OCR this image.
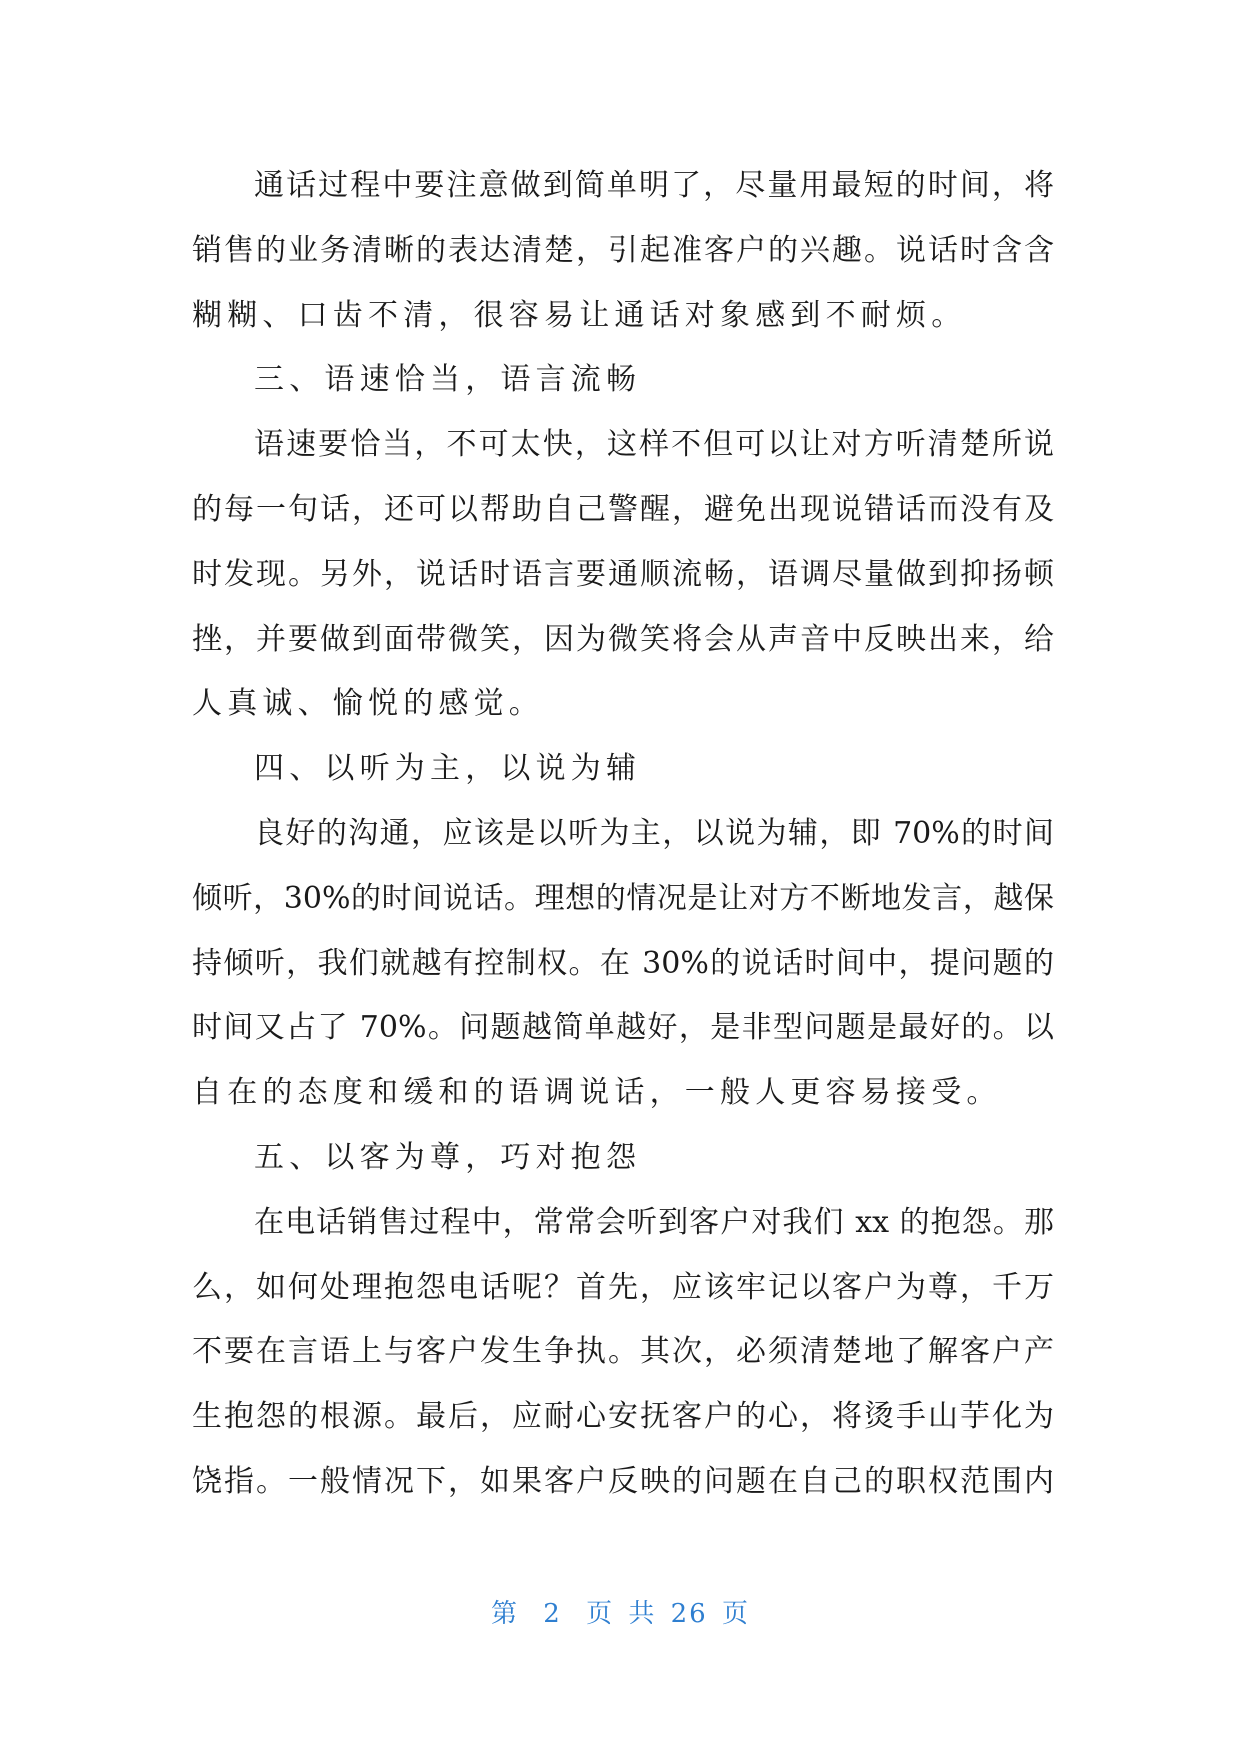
通话过程中要注意做到简单明了，尽量用最短的时间，将
销售的业务清晰的表达清楚，引起准客户的兴趣。说话时含含
糊糊、口齿不清，很容易让通话对象感到不耐烦。
三、语速恰当，语言流畅
语速要恰当，不可太快，这样不但可以让对方听清楚所说
的每一句话，还可以帮助自己警醒，避免出现说错话而没有及
时发现。另外，说话时语言要通顺流畅，语调尽量做到抑扬顿
挫，并要做到面带微笑，因为微笑将会从声音中反映出来，给
人真诚、愉悦的感觉。
四、以听为主，以说为辅
良好的沟通，应该是以听为主，以说为辅，即 70%的时间
倾听，30%的时间说话。理想的情况是让对方不断地发言，越保
持倾听，我们就越有控制权。在 30%的说话时间中，提问题的
时间又占了 70%。问题越简单越好，是非型问题是最好的。以
自在的态度和缓和的语调说话，一般人更容易接受。
五、以客为尊，巧对抱怨
在电话销售过程中，常常会听到客户对我们 xx 的抱怨。那
么，如何处理抱怨电话呢？首先，应该牢记以客户为尊，千万
不要在言语上与客户发生争执。其次，必须清楚地了解客户产
生抱怨的根源。最后，应耐心安抚客户的心，将烫手山芋化为
饶指。一般情况下，如果客户反映的问题在自己的职权范围内
第 2 页 共 26 页
